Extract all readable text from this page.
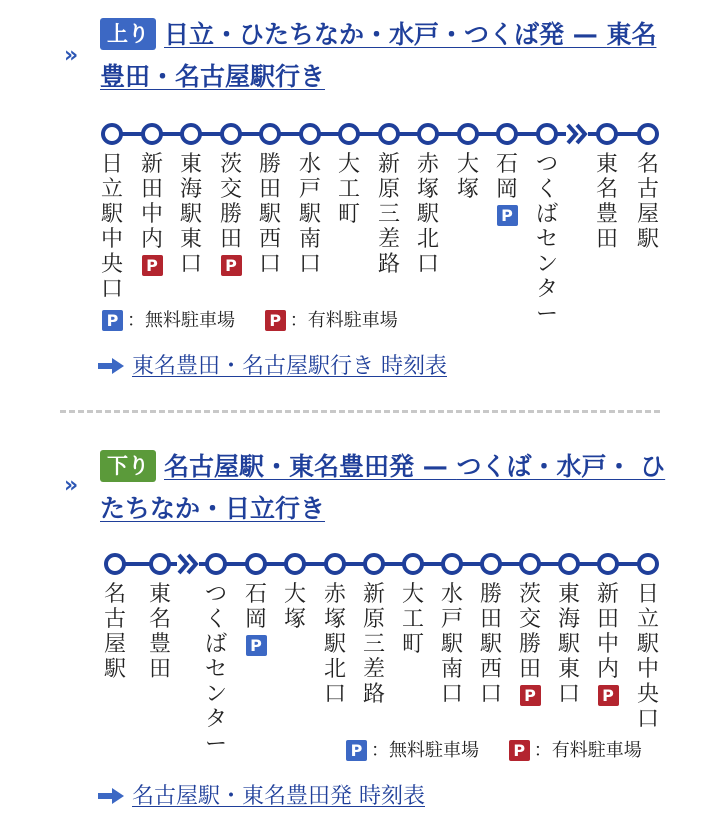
»
上り 日立・ひたちなか・水戸・つくば発 — 東名豊田・名古屋駅行き
日立駅中央口
新田中内
P
東海駅東口
茨交勝田
P
勝田駅西口
水戸駅南口
大工町
新原三差路
赤塚駅北口
大塚
石岡
P
つくばセンター
東名豊田
名古屋駅
P ：無料駐車場 P ：有料駐車場
東名豊田・名古屋駅行き 時刻表
»
下り 名古屋駅・東名豊田発 — つくば・水戸・ ひたちなか・日立行き
名古屋駅
東名豊田
つくばセンター
石岡
P
大塚
赤塚駅北口
新原三差路
大工町
水戸駅南口
勝田駅西口
茨交勝田
P
東海駅東口
新田中内
P
日立駅中央口
P ：無料駐車場 P ：有料駐車場
名古屋駅・東名豊田発 時刻表
